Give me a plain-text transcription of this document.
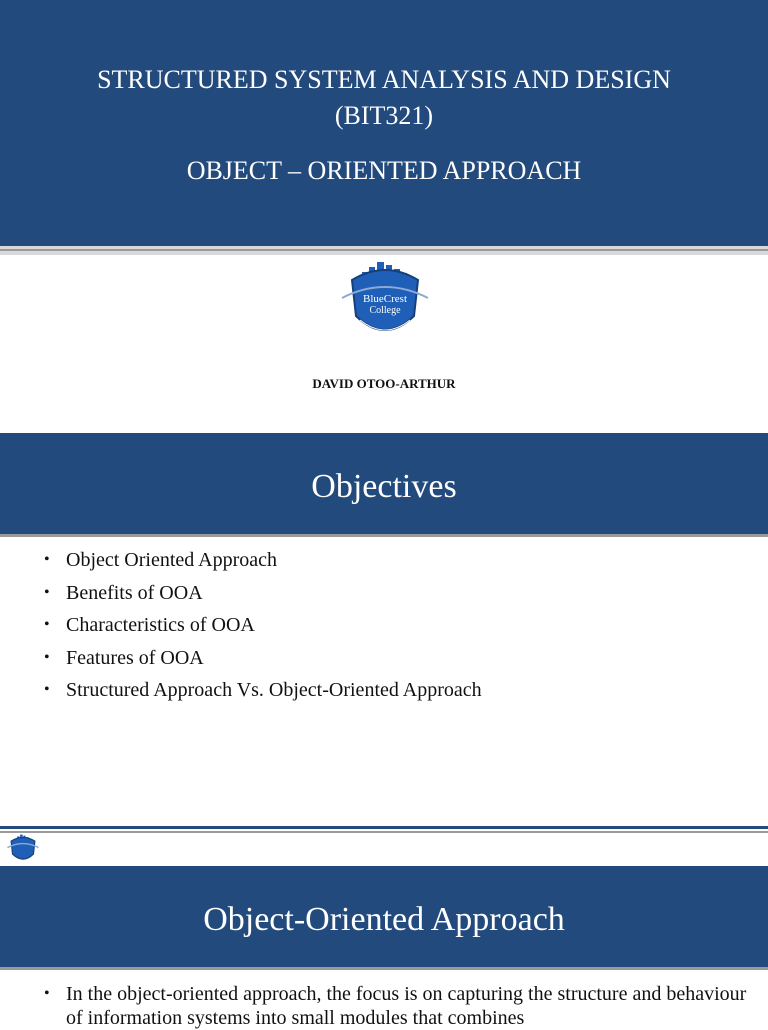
STRUCTURED SYSTEM ANALYSIS AND DESIGN
(BIT321)
OBJECT – ORIENTED APPROACH
BlueCrest
College
Education for Life
DAVID OTOO-ARTHUR
Objectives
• Object Oriented Approach
• Benefits of OOA
• Characteristics of OOA
• Features of OOA
• Structured Approach Vs. Object-Oriented Approach
Object-Oriented Approach
• In the object-oriented approach, the focus is on capturing the structure and behaviour of information systems into small modules that combines
